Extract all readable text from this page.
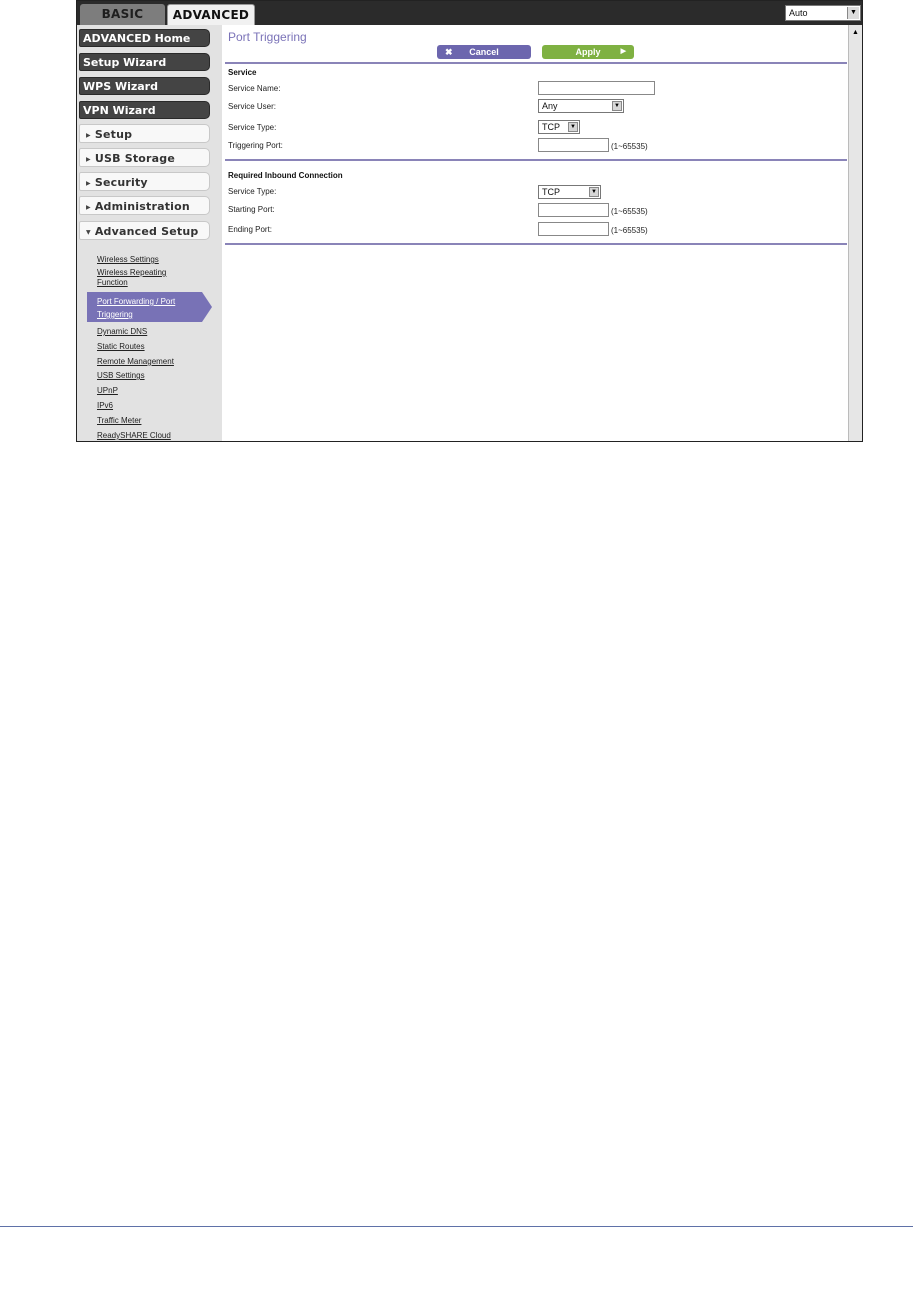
BASIC	ADVANCED	Auto	▼
ADVANCED Home
Setup Wizard
WPS Wizard
VPN Wizard
▶ Setup
▶ USB Storage
▶ Security
▶ Administration
▼ Advanced Setup
Wireless Settings
Wireless Repeating Function
Port Forwarding / Port
Triggering
Dynamic DNS
Static Routes
Remote Management
USB Settings
UPnP
IPv6
Traffic Meter
ReadySHARE Cloud
Port Triggering
✖ Cancel	Apply	▶
Service
Service Name:
Service User:	Any	▼
Service Type:	TCP	▼
Triggering Port:	(1~65535)
Required Inbound Connection
Service Type:	TCP	▼
Starting Port:	(1~65535)
Ending Port:	(1~65535)
▲
